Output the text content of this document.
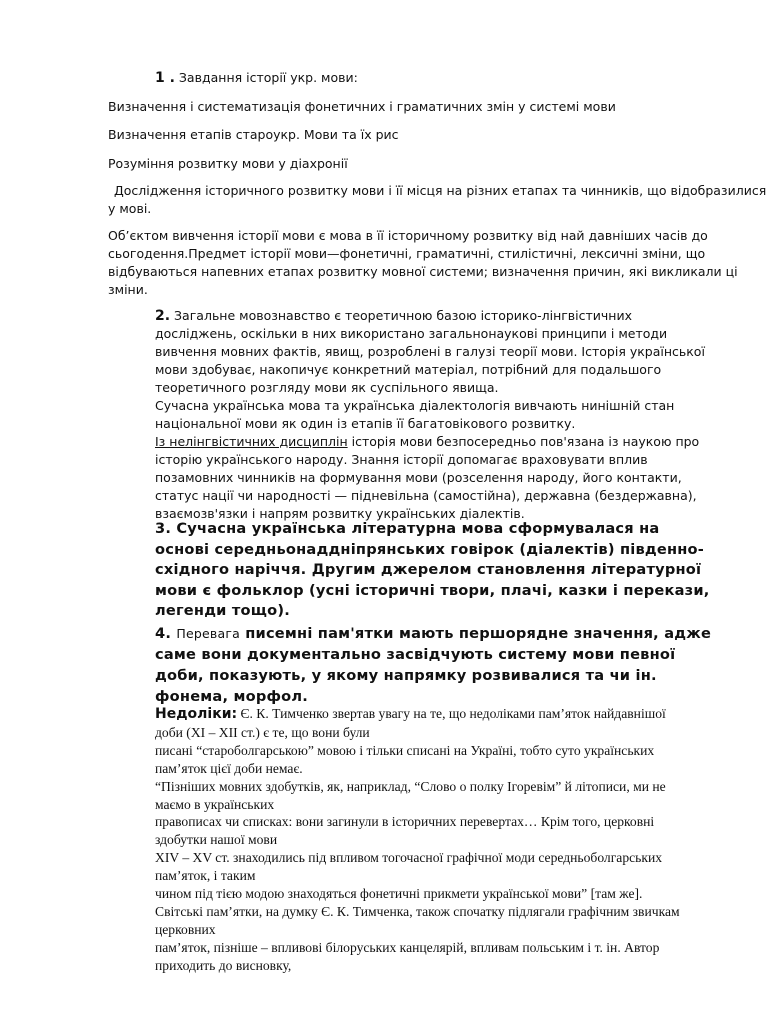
1 . Завдання історії укр. мови:
Визначення і систематизація фонетичних і граматичних змін у системі мови
Визначення етапів староукр. Мови та їх рис
Розуміння розвитку мови у діахронії
Дослідження історичного розвитку мови і її місця на різних етапах та чинників, що відобразилися
у мові.
Об’єктом вивчення історії мови є мова в її історичному розвитку від най давніших часів до
сьогодення.Предмет історії мови—фонетичні, граматичні, стилістичні, лексичні зміни, що
відбуваються напевних етапах розвитку мовної системи; визначення причин, які викликали ці
зміни.
2. Загальне мовознавство є теоретичною базою історико-лінгвістичних досліджень, оскільки в них використано загальнонаукові принципи і методи вивчення мовних фактів, явищ, розроблені в галузі теорії мови. Історія української мови здобуває, накопичує конкретний матеріал, потрібний для подальшого теоретичного розгляду мови як суспільного явища.
Сучасна українська мова та українська діалектологія вивчають нинішній стан національної мови як один із етапів її багатовікового розвитку.
Із нелінгвістичних дисциплін історія мови безпосередньо пов'язана із наукою про історію українського народу. Знання історії допомагає враховувати вплив позамовних чинників на формування мови (розселення народу, його контакти, статус нації чи народності — підневільна (самостійна), державна (бездержавна), взаємозв'язки і напрям розвитку українських діалектів.
3. Сучасна українська літературна мова сформувалася на основі середньонаддніпрянських говірок (діалектів) південно-східного наріччя. Другим джерелом становлення літературної мови є фольклор (усні історичні твори, плачі, казки і перекази, легенди тощо).
4. Перевага писемні пам'ятки мають першорядне значення, адже саме вони документально засвідчують систему мови певної доби, показують, у якому напрямку розвивалися та чи ін. фонема, морфол.
Недоліки: Є. К. Тимченко звертав увагу на те, що недоліками пам’яток найдавнішої
доби (ХІ – ХІІ ст.) є те, що вони були
писані “староболгарською” мовою і тільки списані на Україні, тобто суто українських
пам’яток цієї доби немає.
“Пізніших мовних здобутків, як, наприклад, “Слово о полку Ігоревім” й літописи, ми не
маємо в українських
правописах чи списках: вони загинули в історичних перевертах… Крім того, церковні
здобутки нашої мови
ХІV – XV ст. знаходились під впливом тогочасної графічної моди середньоболгарських
пам’яток, і таким
чином під тією модою знаходяться фонетичні прикмети української мови” [там же].
Світські пам’ятки, на думку Є. К. Тимченка, також спочатку підлягали графічним звичкам
церковних
пам’яток, пізніше – впливові білоруських канцелярій, впливам польським і т. ін. Автор
приходить до висновку,
